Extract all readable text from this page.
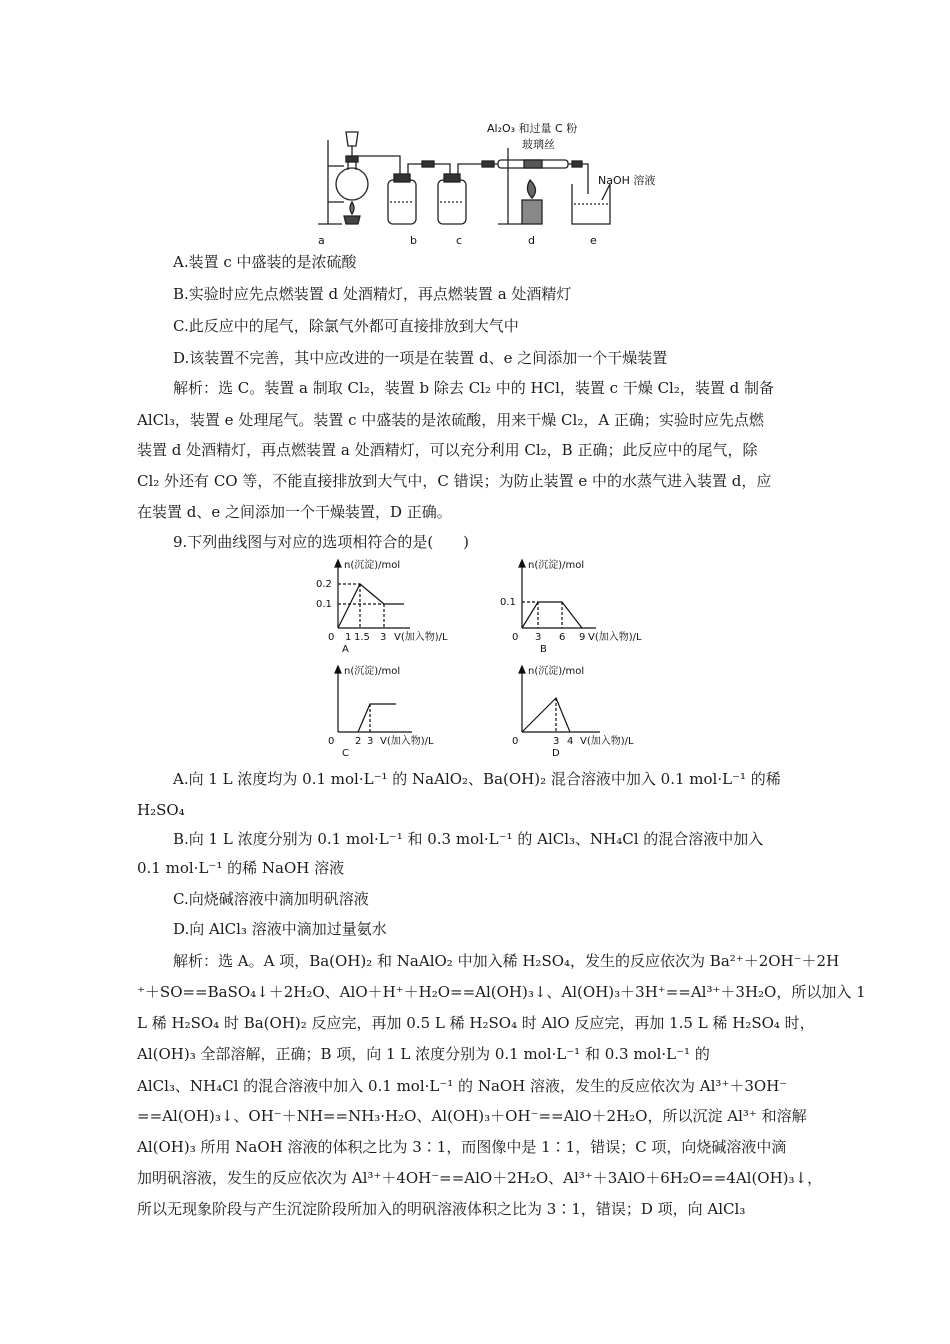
Al₂O₃ 和过量 C 粉
玻璃丝
NaOH 溶液
a	b	c	d	e
A.装置 c 中盛装的是浓硫酸
B.实验时应先点燃装置 d 处酒精灯，再点燃装置 a 处酒精灯
C.此反应中的尾气，除氯气外都可直接排放到大气中
D.该装置不完善，其中应改进的一项是在装置 d、e 之间添加一个干燥装置
解析：选 C。装置 a 制取 Cl₂，装置 b 除去 Cl₂ 中的 HCl，装置 c 干燥 Cl₂，装置 d 制备
AlCl₃，装置 e 处理尾气。装置 c 中盛装的是浓硫酸，用来干燥 Cl₂，A 正确；实验时应先点燃
装置 d 处酒精灯，再点燃装置 a 处酒精灯，可以充分利用 Cl₂，B 正确；此反应中的尾气，除
Cl₂ 外还有 CO 等，不能直接排放到大气中，C 错误；为防止装置 e 中的水蒸气进入装置 d，应
在装置 d、e 之间添加一个干燥装置，D 正确。
9.下列曲线图与对应的选项相符合的是(　　)
n(沉淀)/mol
0.2
0.1
0 1 1.5 3 V(加入物)/L
A
n(沉淀)/mol
0.1
0 3 6 9 V(加入物)/L
B
n(沉淀)/mol
0 2 3 V(加入物)/L
C
n(沉淀)/mol
0	3 4 V(加入物)/L
D
A.向 1 L 浓度均为 0.1 mol·L⁻¹ 的 NaAlO₂、Ba(OH)₂ 混合溶液中加入 0.1 mol·L⁻¹ 的稀
H₂SO₄
B.向 1 L 浓度分别为 0.1 mol·L⁻¹ 和 0.3 mol·L⁻¹ 的 AlCl₃、NH₄Cl 的混合溶液中加入
0.1 mol·L⁻¹ 的稀 NaOH 溶液
C.向烧碱溶液中滴加明矾溶液
D.向 AlCl₃ 溶液中滴加过量氨水
解析：选 A。A 项，Ba(OH)₂ 和 NaAlO₂ 中加入稀 H₂SO₄，发生的反应依次为 Ba²⁺＋2OH⁻＋2H
⁺＋SO==BaSO₄↓＋2H₂O、AlO＋H⁺＋H₂O==Al(OH)₃↓、Al(OH)₃＋3H⁺==Al³⁺＋3H₂O，所以加入 1
L 稀 H₂SO₄ 时 Ba(OH)₂ 反应完，再加 0.5 L 稀 H₂SO₄ 时 AlO 反应完，再加 1.5 L 稀 H₂SO₄ 时，
Al(OH)₃ 全部溶解，正确；B 项，向 1 L 浓度分别为 0.1 mol·L⁻¹ 和 0.3 mol·L⁻¹ 的
AlCl₃、NH₄Cl 的混合溶液中加入 0.1 mol·L⁻¹ 的 NaOH 溶液，发生的反应依次为 Al³⁺＋3OH⁻
==Al(OH)₃↓、OH⁻＋NH==NH₃·H₂O、Al(OH)₃＋OH⁻==AlO＋2H₂O，所以沉淀 Al³⁺ 和溶解
Al(OH)₃ 所用 NaOH 溶液的体积之比为 3∶1，而图像中是 1∶1，错误；C 项，向烧碱溶液中滴
加明矾溶液，发生的反应依次为 Al³⁺＋4OH⁻==AlO＋2H₂O、Al³⁺＋3AlO＋6H₂O==4Al(OH)₃↓，
所以无现象阶段与产生沉淀阶段所加入的明矾溶液体积之比为 3∶1，错误；D 项，向 AlCl₃
